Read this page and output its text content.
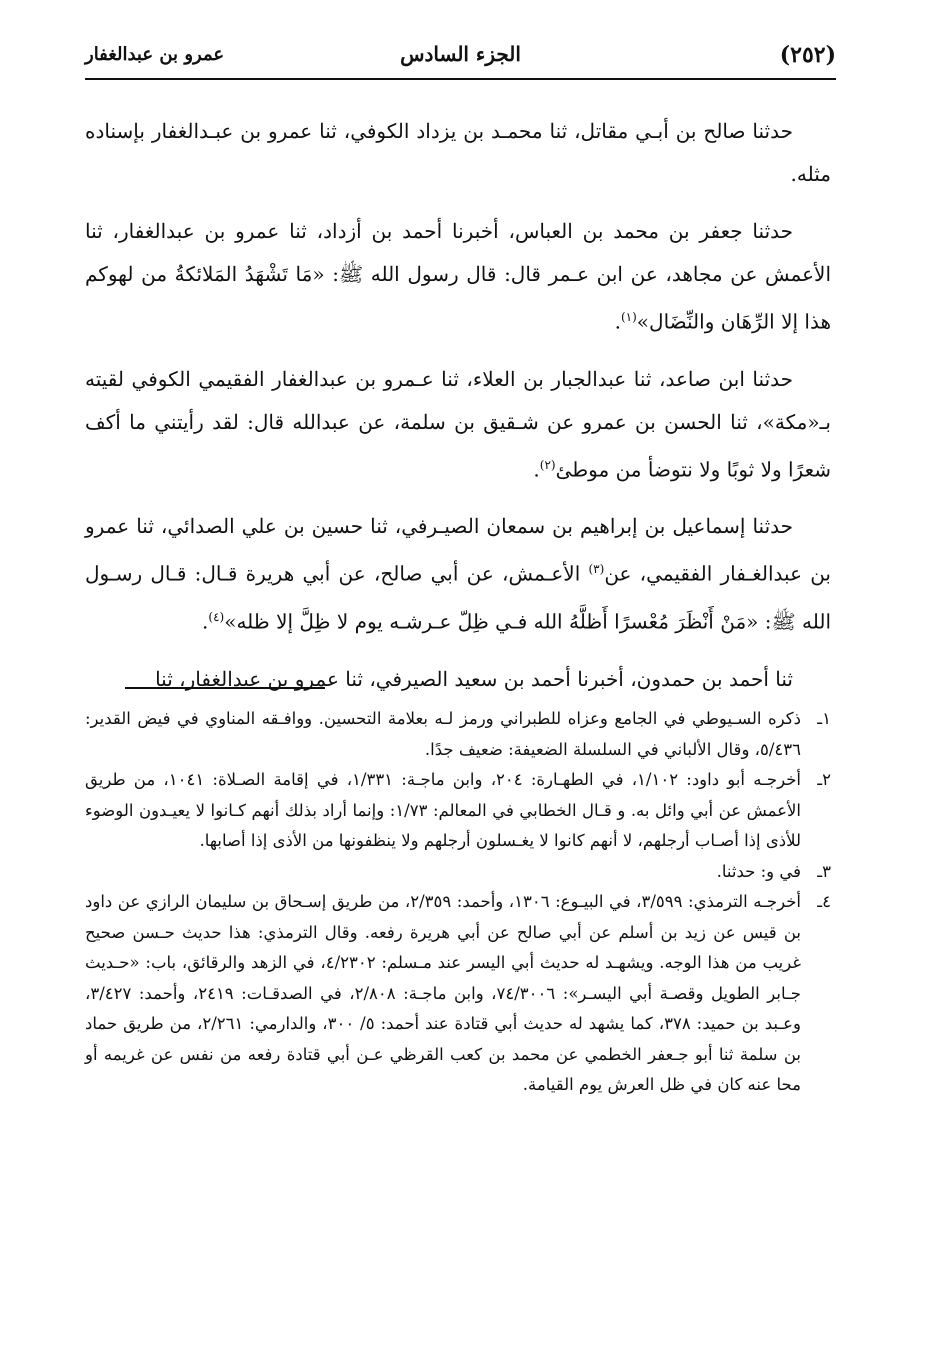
(٢٥٢)
الجزء السادس
عمرو بن عبدالغفار

حدثنا صالح بن أبـي مقاتل، ثنا محمـد بن يزداد الكوفي، ثنا عمرو بن عبـدالغفار بإسناده مثله.

حدثنا جعفر بن محمد بن العباس، أخبرنا أحمد بن أزداد، ثنا عمرو بن عبدالغفار، ثنا الأعمش عن مجاهد، عن ابن عـمر قال: قال رسول الله ﷺ: «مَا تَشْهَدُ المَلائكةُ من لهوكم هذا إلا الرِّهَان والنِّضَال»$^{(١)}$.

حدثنا ابن صاعد، ثنا عبدالجبار بن العلاء، ثنا عـمرو بن عبدالغفار الفقيمي الكوفي لقيته بـ«مكة»، ثنا الحسن بن عمرو عن شـقيق بن سلمة، عن عبدالله قال: لقد رأيتني ما أكف شعرًا ولا ثوبًا ولا نتوضأ من موطئ$^{(٢)}$.

حدثنا إسماعيل بن إبراهيم بن سمعان الصيـرفي، ثنا حسين بن علي الصدائي، ثنا عمرو بن عبدالغـفار الفقيمي، عن$^{(٣)}$ الأعـمش، عن أبي صالح، عن أبي هريرة قـال: قـال رسـول الله ﷺ: «مَنْ أَنْظَرَ مُعْسرًا أَظلَّهُ الله فـي ظِلّ عـرشـه يوم لا ظِلَّ إلا ظله»$^{(٤)}$.

ثنا أحمد بن حمدون، أخبرنا أحمد بن سعيد الصيرفي، ثنا عمرو بن عبدالغفار، ثنا

١ـ
ذكره السـيوطي في الجامع وعزاه للطبراني ورمز لـه بعلامة التحسين. ووافـقه المناوي في فيض القدير: ٥/٤٣٦، وقال الألباني في السلسلة الضعيفة: ضعيف جدًا.
٢ـ
أخرجـه أبو داود: ١/١٠٢، في الطهـارة: ٢٠٤، وابن ماجـة: ١/٣٣١، في إقامة الصـلاة: ١٠٤١، من طريق الأعمش عن أبي وائل به. و قـال الخطابي في المعالم: ١/٧٣: وإنما أراد بذلك أنهم كـانوا لا يعيـدون الوضوء للأذى إذا أصـاب أرجلهم، لا أنهم كانوا لا يغـسلون أرجلهم ولا ينظفونها من الأذى إذا أصابها.
٣ـ
في و: حدثنا.
٤ـ
أخرجـه الترمذي: ٣/٥٩٩، في البيـوع: ١٣٠٦، وأحمد: ٢/٣٥٩، من طريق إسـحاق بن سليمان الرازي عن داود بن قيس عن زيد بن أسلم عن أبي صالح عن أبي هريرة رفعه. وقال الترمذي: هذا حديث حـسن صحيح غريب من هذا الوجه. ويشهـد له حديث أبي اليسر عند مـسلم: ٤/٢٣٠٢، في الزهد والرقائق، باب: «حـديث جـابر الطويل وقصـة أبي اليسـر»: ٧٤/٣٠٠٦، وابن ماجـة: ٢/٨٠٨، في الصدقـات: ٢٤١٩، وأحمد: ٣/٤٢٧، وعـبد بن حميد: ٣٧٨، كما يشهد له حديث أبي قتادة عند أحمد: ٥/ ٣٠٠، والدارمي: ٢/٢٦١، من طريق حماد بن سلمة ثنا أبو جـعفر الخطمي عن محمد بن كعب القرظي عـن أبي قتادة رفعه من نفس عن غريمه أو محا عنه كان في ظل العرش يوم القيامة.
